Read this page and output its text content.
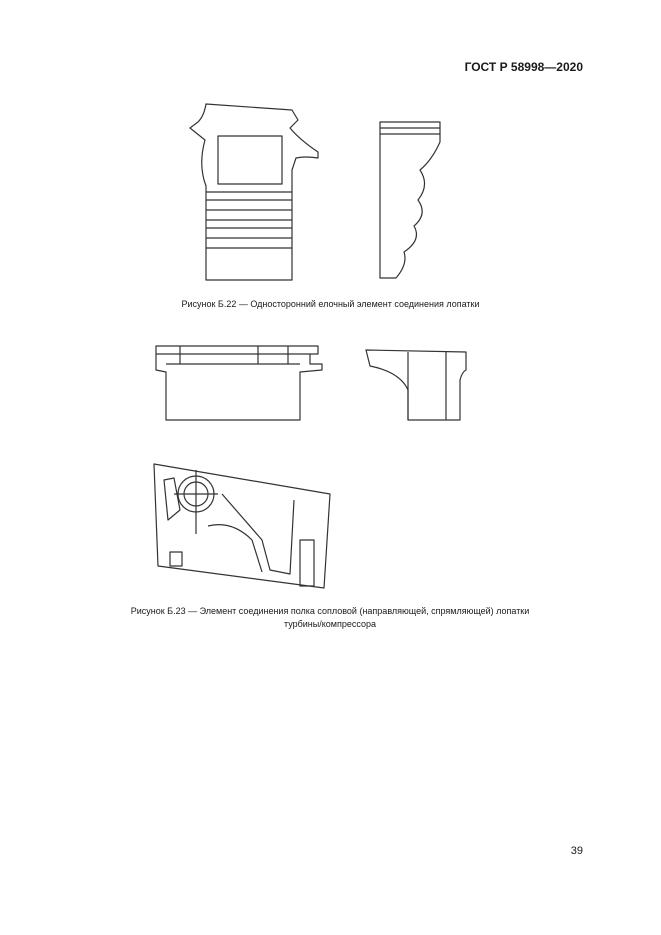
ГОСТ Р 58998—2020
Рисунок Б.22 — Односторонний елочный элемент соединения лопатки
Рисунок Б.23 — Элемент соединения полка сопловой (направляющей, спрямляющей) лопатки
турбины/компрессора
39
